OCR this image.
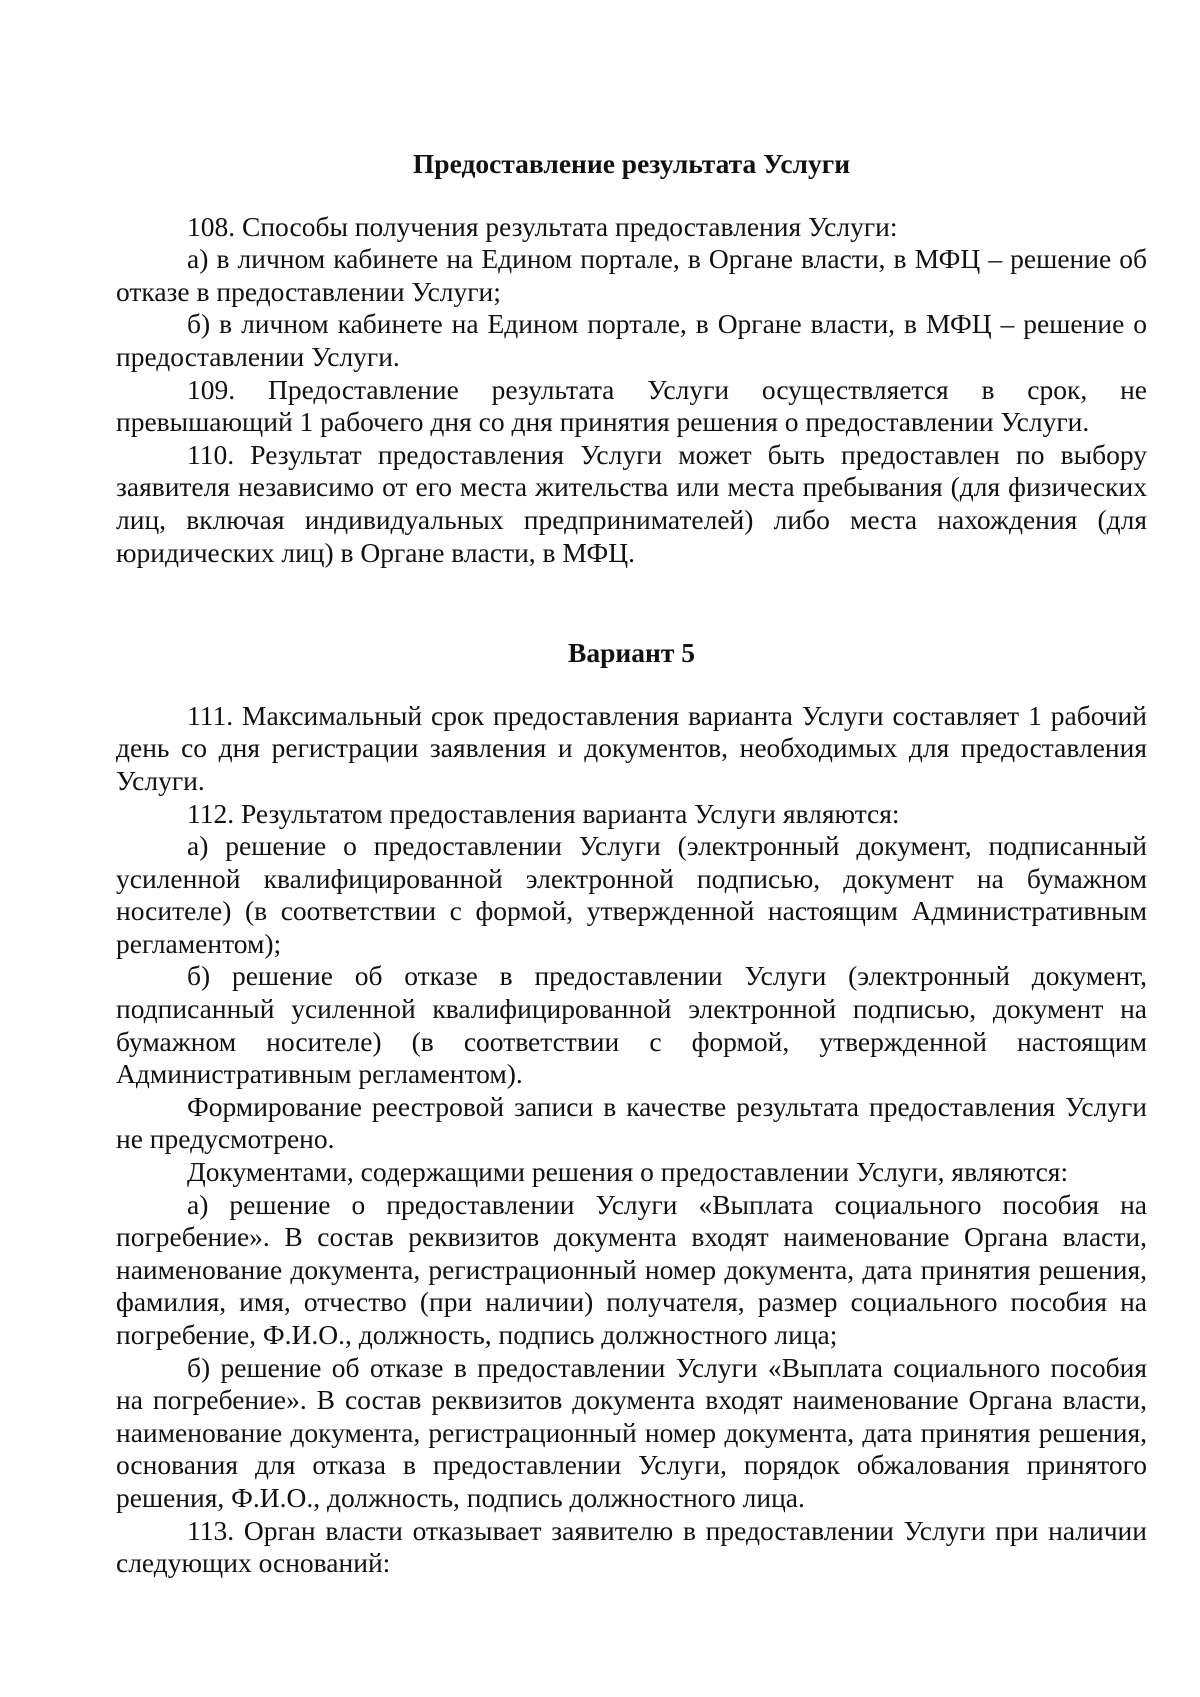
Предоставление результата Услуги

108. Способы получения результата предоставления Услуги:

а) в личном кабинете на Едином портале, в Органе власти, в МФЦ – решение об отказе в предоставлении Услуги;

б) в личном кабинете на Едином портале, в Органе власти, в МФЦ – решение о предоставлении Услуги.

109. Предоставление результата Услуги осуществляется в срок, не превышающий 1 рабочего дня со дня принятия решения о предоставлении Услуги.

110. Результат предоставления Услуги может быть предоставлен по выбору заявителя независимо от его места жительства или места пребывания (для физических лиц, включая индивидуальных предпринимателей) либо места нахождения (для юридических лиц) в Органе власти, в МФЦ.

Вариант 5

111. Максимальный срок предоставления варианта Услуги составляет 1 рабочий день со дня регистрации заявления и документов, необходимых для предоставления Услуги.

112. Результатом предоставления варианта Услуги являются:

а) решение о предоставлении Услуги (электронный документ, подписанный усиленной квалифицированной электронной подписью, документ на бумажном носителе) (в соответствии с формой, утвержденной настоящим Административным регламентом);

б) решение об отказе в предоставлении Услуги (электронный документ, подписанный усиленной квалифицированной электронной подписью, документ на бумажном носителе) (в соответствии с формой, утвержденной настоящим Административным регламентом).

Формирование реестровой записи в качестве результата предоставления Услуги не предусмотрено.

Документами, содержащими решения о предоставлении Услуги, являются:

а) решение о предоставлении Услуги «Выплата социального пособия на погребение». В состав реквизитов документа входят наименование Органа власти, наименование документа, регистрационный номер документа, дата принятия решения, фамилия, имя, отчество (при наличии) получателя, размер социального пособия на погребение, Ф.И.О., должность, подпись должностного лица;

б) решение об отказе в предоставлении Услуги «Выплата социального пособия на погребение». В состав реквизитов документа входят наименование Органа власти, наименование документа, регистрационный номер документа, дата принятия решения, основания для отказа в предоставлении Услуги, порядок обжалования принятого решения, Ф.И.О., должность, подпись должностного лица.

113. Орган власти отказывает заявителю в предоставлении Услуги при наличии следующих оснований:
